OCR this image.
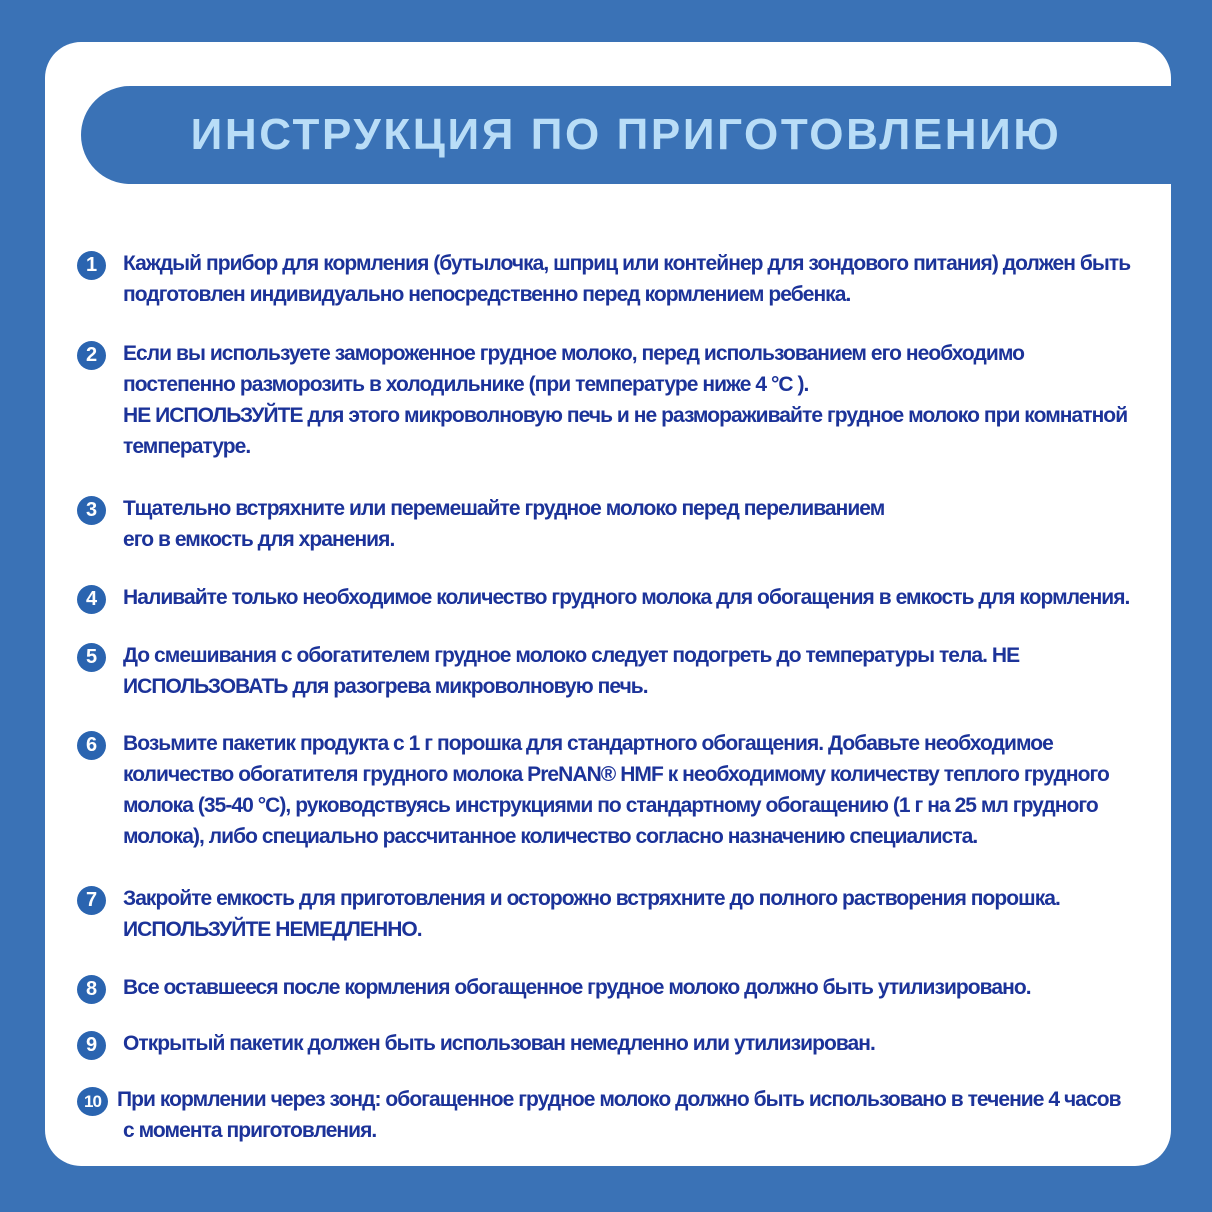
ИНСТРУКЦИЯ ПО ПРИГОТОВЛЕНИЮ
1	Каждый прибор для кормления (бутылочка, шприц или контейнер для зондового питания) должен быть
подготовлен индивидуально непосредственно перед кормлением ребенка.
2	Если вы используете замороженное грудное молоко, перед использованием его необходимо
постепенно разморозить в холодильнике (при температуре ниже 4 °С ).
НЕ ИСПОЛЬЗУЙТЕ для этого микроволновую печь и не размораживайте грудное молоко при комнатной
температуре.
3	Тщательно встряхните или перемешайте грудное молоко перед переливанием
его в емкость для хранения.
4	Наливайте только необходимое количество грудного молока для обогащения в емкость для кормления.
5	До смешивания с обогатителем грудное молоко следует подогреть до температуры тела. НЕ
ИСПОЛЬЗОВАТЬ для разогрева микроволновую печь.
6	Возьмите пакетик продукта с 1 г порошка для стандартного обогащения. Добавьте необходимое
количество обогатителя грудного молока PreNAN® HMF к необходимому количеству теплого грудного
молока (35-40 °С), руководствуясь инструкциями по стандартному обогащению (1 г на 25 мл грудного
молока), либо специально рассчитанное количество согласно назначению специалиста.
7	Закройте емкость для приготовления и осторожно встряхните до полного растворения порошка.
ИСПОЛЬЗУЙТЕ НЕМЕДЛЕННО.
8	Все оставшееся после кормления обогащенное грудное молоко должно быть утилизировано.
9	Открытый пакетик должен быть использован немедленно или утилизирован.
10 При кормлении через зонд: обогащенное грудное молоко должно быть использовано в течение 4 часов
с момента приготовления.
